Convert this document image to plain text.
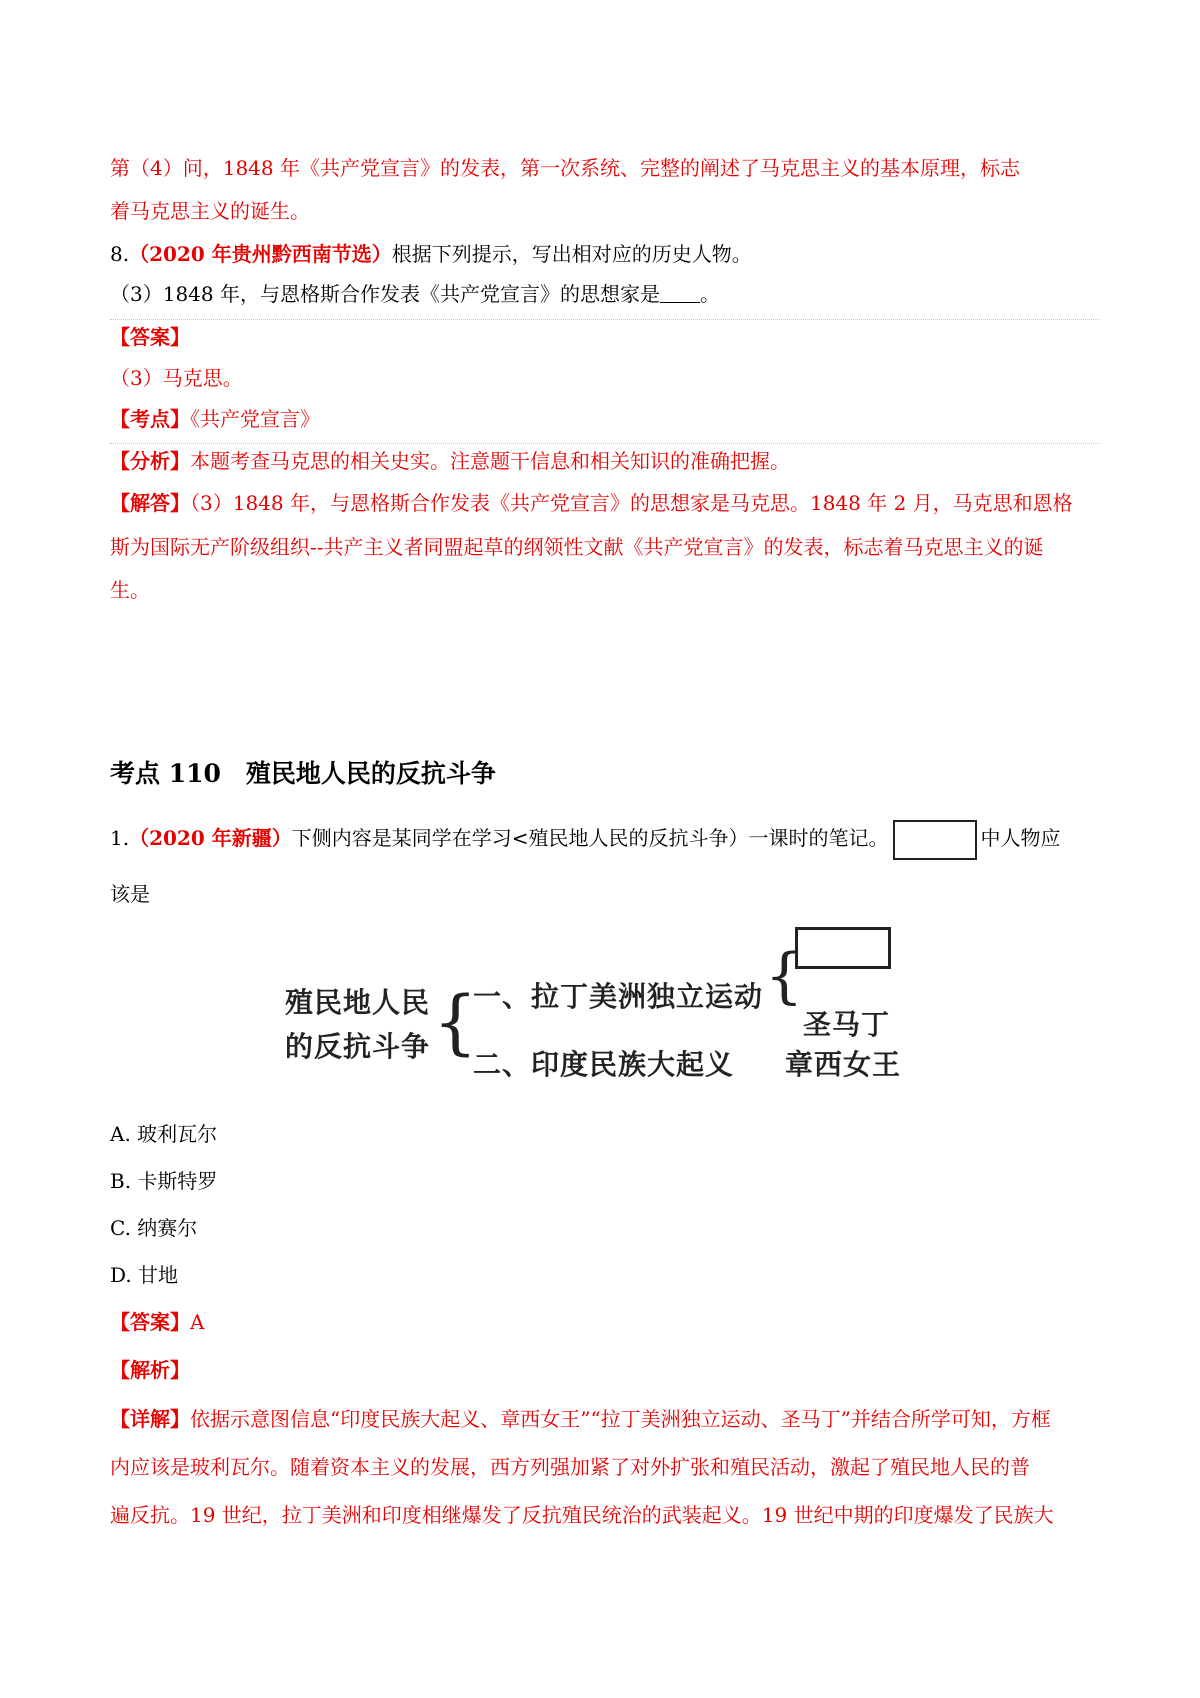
第（4）问，1848 年《共产党宣言》的发表，第一次系统、完整的阐述了马克思主义的基本原理，标志
着马克思主义的诞生。
8.（2020 年贵州黔西南节选）根据下列提示，写出相对应的历史人物。
（3）1848 年，与恩格斯合作发表《共产党宣言》的思想家是 。
【答案】
（3）马克思。
【考点】《共产党宣言》
【分析】本题考查马克思的相关史实。注意题干信息和相关知识的准确把握。
【解答】（3）1848 年，与恩格斯合作发表《共产党宣言》的思想家是马克思。1848 年 2 月，马克思和恩格
斯为国际无产阶级组织--共产主义者同盟起草的纲领性文献《共产党宣言》的发表，标志着马克思主义的诞
生。
考点 110　殖民地人民的反抗斗争
1.（2020 年新疆）下侧内容是某同学在学习<殖民地人民的反抗斗争）一课时的笔记。	中人物应
该是
殖民地人民
的反抗斗争 {
一、拉丁美洲独立运动
二、印度民族大起义
{
圣马丁
章西女王
A. 玻利瓦尔
B. 卡斯特罗
C. 纳赛尔
D. 甘地
【答案】A
【解析】
【详解】依据示意图信息“印度民族大起义、章西女王”“拉丁美洲独立运动、圣马丁”并结合所学可知，方框
内应该是玻利瓦尔。随着资本主义的发展，西方列强加紧了对外扩张和殖民活动，激起了殖民地人民的普
遍反抗。19 世纪，拉丁美洲和印度相继爆发了反抗殖民统治的武装起义。19 世纪中期的印度爆发了民族大
